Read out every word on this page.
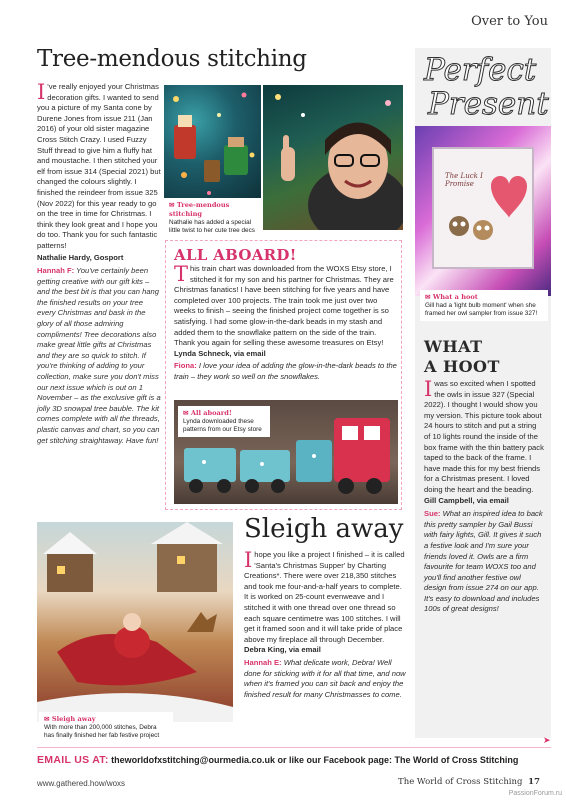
Over to You
Tree-mendous stitching
I 've really enjoyed your Christmas decoration gifts. I wanted to send you a picture of my Santa cone by Durene Jones from issue 211 (Jan 2016) of your old sister magazine Cross Stitch Crazy. I used Fuzzy Stuff thread to give him a fluffy hat and moustache. I then stitched your elf from issue 314 (Special 2021) but changed the colours slightly. I finished the reindeer from issue 325 (Nov 2022) for this year ready to go on the tree in time for Christmas. I think they look great and I hope you do too. Thank you for such fantastic patterns!
Nathalie Hardy, Gosport
Hannah F: You've certainly been getting creative with our gift kits – and the best bit is that you can hang the finished results on your tree every Christmas and bask in the glory of all those admiring compliments! Tree decorations also make great little gifts at Christmas and they are so quick to stitch. If you're thinking of adding to your collection, make sure you don't miss our next issue which is out on 1 November – as the exclusive gift is a jolly 3D snowpal tree bauble. The kit comes complete with all the threads, plastic canvas and chart, so you can get stitching straightaway. Have fun!
✉ Tree-mendous stitching
Nathalie has added a special little twist to her cute tree decs
ALL ABOARD!
T his train chart was downloaded from the WOXS Etsy store, I stitched it for my son and his partner for Christmas. They are Christmas fanatics! I have been stitching for five years and have completed over 100 projects. The train took me just over two weeks to finish – seeing the finished project come together is so satisfying. I had some glow-in-the-dark beads in my stash and added them to the snowflake pattern on the side of the train. Thank you again for selling these awesome treasures on Etsy!
Lynda Schneck, via email
Fiona: I love your idea of adding the glow-in-the-dark beads to the train – they work so well on the snowflakes.
✉ All aboard!
Lynda downloaded these patterns from our Etsy store
Perfect
Present
The Luck I Promise
✉ What a hoot
Gill had a 'light bulb moment' when she framed her owl sampler from issue 327!
WHAT
A HOOT
I was so excited when I spotted the owls in issue 327 (Special 2022). I thought I would show you my version. This picture took about 24 hours to stitch and put a string of 10 lights round the inside of the box frame with the thin battery pack taped to the back of the frame. I have made this for my best friends for a Christmas present. I loved doing the heart and the beading.
Gill Campbell, via email
Sue: What an inspired idea to back this pretty sampler by Gail Bussi with fairy lights, Gill. It gives it such a festive look and I'm sure your friends loved it. Owls are a firm favourite for team WOXS too and you'll find another festive owl design from issue 274 on our app. It's easy to download and includes 100s of great designs!
✉ Sleigh away
With more than 200,000 stitches, Debra has finally finished her fab festive project
Sleigh away
I hope you like a project I finished – it is called 'Santa's Christmas Supper' by Charting Creations*. There were over 218,350 stitches and took me four-and-a-half years to complete. It is worked on 25-count evenweave and I stitched it with one thread over one thread so each square centimetre was 100 stitches. I will get it framed soon and it will take pride of place above my fireplace all through December.
Debra King, via email
Hannah E: What delicate work, Debra! Well done for sticking with it for all that time, and now when it's framed you can sit back and enjoy the finished result for many Christmasses to come.
➤
EMAIL US AT: theworldofxstitching@ourmedia.co.uk or like our Facebook page: The World of Cross Stitching
www.gathered.how/woxs	The World of Cross Stitching 17
PassionForum.ru
